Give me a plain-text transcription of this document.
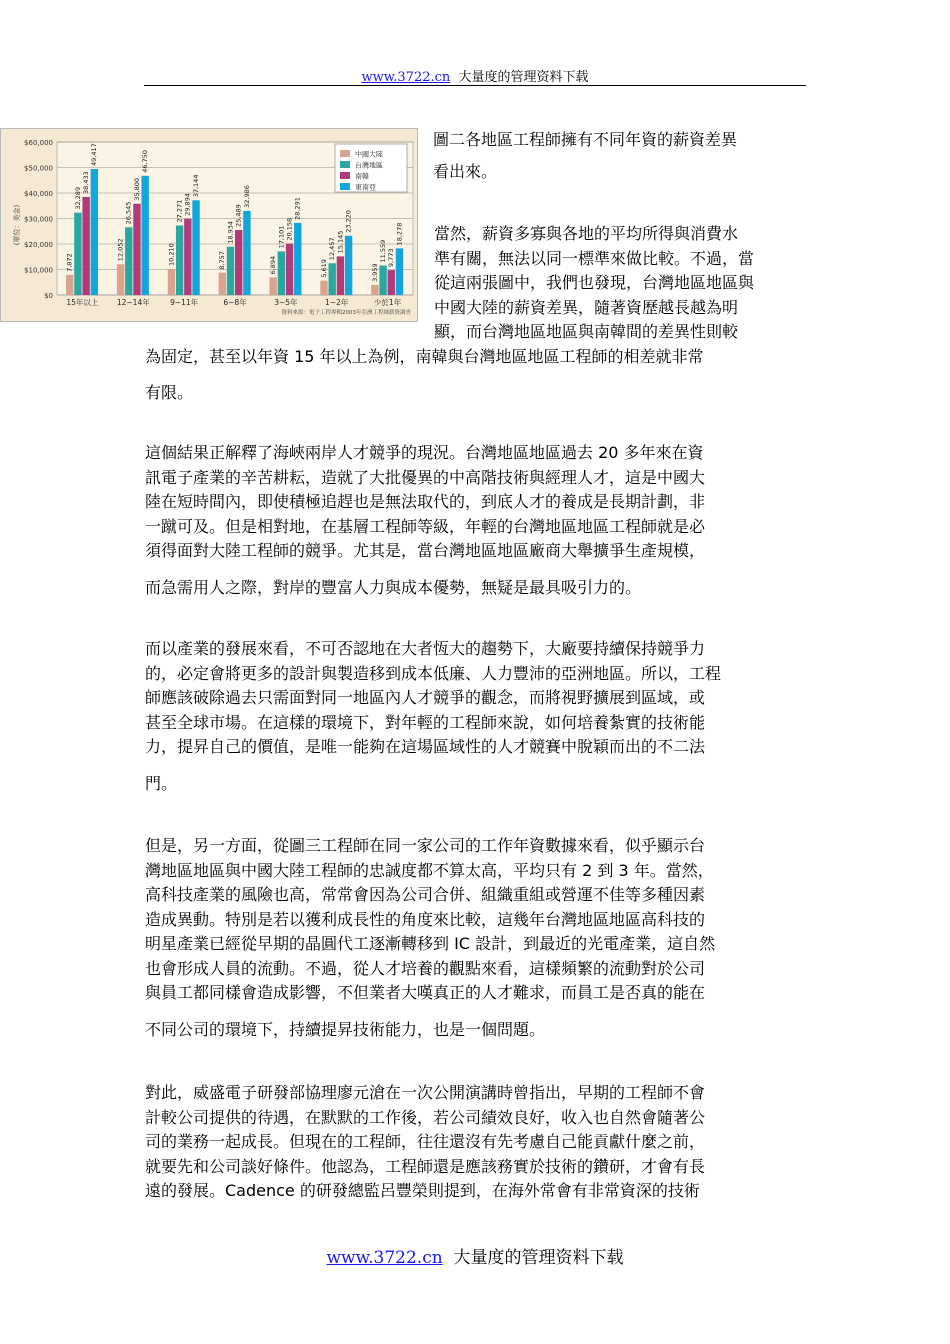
www.3722.cn 大量度的管理资料下载
$0
$10,000
$20,000
$30,000
$40,000
$50,000
$60,000
(單位：美金)
7,872
32,289
38,433
49,417
15年以上
12,052
26,545
35,800
46,750
12~14年
10,210
27,271 29,894
37,144
9~11年
8,757
18,934
25,489
32,986
6~8年
6,894
17,101 20,158
28,291
3~5年
5,619
12,457 15,145
23,220
1~2年
3,959
11,559 9,773
18,278
少於1年
中國大陸
台灣地區
南韓
東南亞
資料來源：電子工程專輯2003年亞洲工程師薪資調查
圖二各地區工程師擁有不同年資的薪資差異
看出來。
當然，薪資多寡與各地的平均所得與消費水
準有關，無法以同一標準來做比較。不過，當
從這兩張圖中，我們也發現，台灣地區地區與
中國大陸的薪資差異，隨著資歷越長越為明
顯，而台灣地區地區與南韓間的差異性則較
為固定，甚至以年資 15 年以上為例，南韓與台灣地區地區工程師的相差就非常
有限。
這個結果正解釋了海峽兩岸人才競爭的現況。台灣地區地區過去 20 多年來在資
訊電子產業的辛苦耕耘，造就了大批優異的中高階技術與經理人才，這是中國大
陸在短時間內，即使積極追趕也是無法取代的，到底人才的養成是長期計劃，非
一蹴可及。但是相對地，在基層工程師等級，年輕的台灣地區地區工程師就是必
須得面對大陸工程師的競爭。尤其是，當台灣地區地區廠商大舉擴爭生產規模，
而急需用人之際，對岸的豐富人力與成本優勢，無疑是最具吸引力的。
而以產業的發展來看，不可否認地在大者恆大的趨勢下，大廠要持續保持競爭力
的，必定會將更多的設計與製造移到成本低廉、人力豐沛的亞洲地區。所以，工程
師應該破除過去只需面對同一地區內人才競爭的觀念，而將視野擴展到區域，或
甚至全球市場。在這樣的環境下，對年輕的工程師來說，如何培養紮實的技術能
力，提昇自己的價值，是唯一能夠在這場區域性的人才競賽中脫穎而出的不二法
門。
但是，另一方面，從圖三工程師在同一家公司的工作年資數據來看，似乎顯示台
灣地區地區與中國大陸工程師的忠誠度都不算太高，平均只有 2 到 3 年。當然，
高科技產業的風險也高，常常會因為公司合併、組織重組或營運不佳等多種因素
造成異動。特別是若以獲利成長性的角度來比較，這幾年台灣地區地區高科技的
明星產業已經從早期的晶圓代工逐漸轉移到 IC 設計，到最近的光電產業，這自然
也會形成人員的流動。不過，從人才培養的觀點來看，這樣頻繁的流動對於公司
與員工都同樣會造成影響，不但業者大嘆真正的人才難求，而員工是否真的能在
不同公司的環境下，持續提昇技術能力，也是一個問題。
對此，威盛電子研發部協理廖元滄在一次公開演講時曾指出，早期的工程師不會
計較公司提供的待遇，在默默的工作後，若公司績效良好，收入也自然會隨著公
司的業務一起成長。但現在的工程師，往往還沒有先考慮自己能貢獻什麼之前，
就要先和公司談好條件。他認為，工程師還是應該務實於技術的鑽研，才會有長
遠的發展。Cadence 的研發總監呂豐榮則提到，在海外常會有非常資深的技術
www.3722.cn 大量度的管理资料下载
